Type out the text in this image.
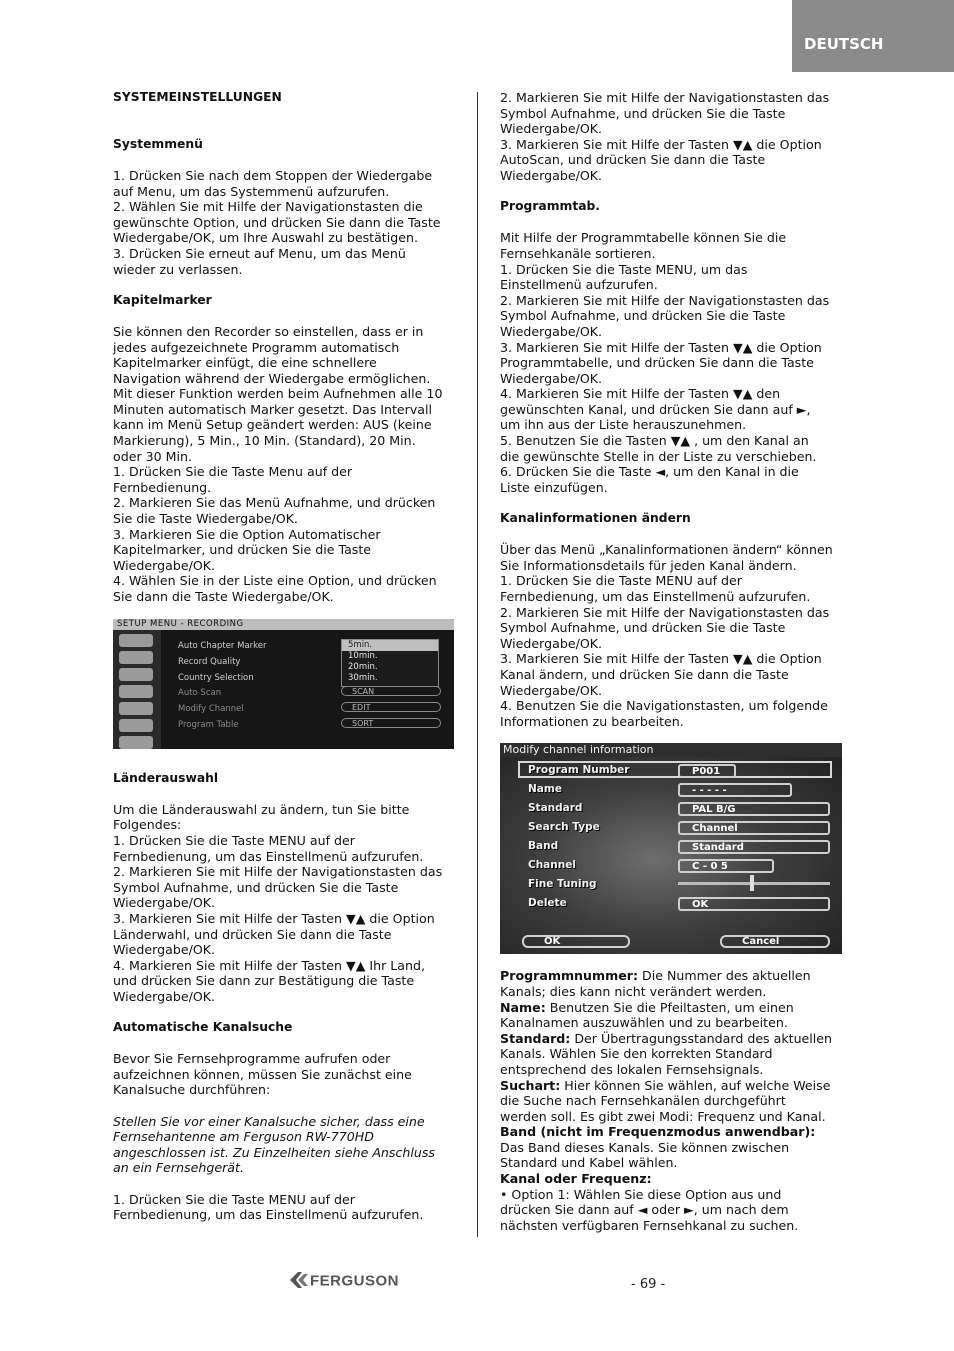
DEUTSCH

SYSTEMEINSTELLUNGEN

Systemmenü

1. Drücken Sie nach dem Stoppen der Wiedergabe
auf Menu, um das Systemmenü aufzurufen.
2. Wählen Sie mit Hilfe der Navigationstasten die
gewünschte Option, und drücken Sie dann die Taste
Wiedergabe/OK, um Ihre Auswahl zu bestätigen.
3. Drücken Sie erneut auf Menu, um das Menü
wieder zu verlassen.

Kapitelmarker

Sie können den Recorder so einstellen, dass er in
jedes aufgezeichnete Programm automatisch
Kapitelmarker einfügt, die eine schnellere
Navigation während der Wiedergabe ermöglichen.
Mit dieser Funktion werden beim Aufnehmen alle 10
Minuten automatisch Marker gesetzt. Das Intervall
kann im Menü Setup geändert werden: AUS (keine
Markierung), 5 Min., 10 Min. (Standard), 20 Min.
oder 30 Min.
1. Drücken Sie die Taste Menu auf der
Fernbedienung.
2. Markieren Sie das Menü Aufnahme, und drücken
Sie die Taste Wiedergabe/OK.
3. Markieren Sie die Option Automatischer
Kapitelmarker, und drücken Sie die Taste
Wiedergabe/OK.
4. Wählen Sie in der Liste eine Option, und drücken
Sie dann die Taste Wiedergabe/OK.

SETUP MENU - RECORDING
Auto Chapter Marker
Record Quality
Country Selection
Auto Scan
Modify Channel
Program Table
5min.
10min.
20min.
30min.
SCAN
EDIT
SORT

Länderauswahl

Um die Länderauswahl zu ändern, tun Sie bitte
Folgendes:
1. Drücken Sie die Taste MENU auf der
Fernbedienung, um das Einstellmenü aufzurufen.
2. Markieren Sie mit Hilfe der Navigationstasten das
Symbol Aufnahme, und drücken Sie die Taste
Wiedergabe/OK.
3. Markieren Sie mit Hilfe der Tasten ▼▲ die Option
Länderwahl, und drücken Sie dann die Taste
Wiedergabe/OK.
4. Markieren Sie mit Hilfe der Tasten ▼▲ Ihr Land,
und drücken Sie dann zur Bestätigung die Taste
Wiedergabe/OK.

Automatische Kanalsuche

Bevor Sie Fernsehprogramme aufrufen oder
aufzeichnen können, müssen Sie zunächst eine
Kanalsuche durchführen:

Stellen Sie vor einer Kanalsuche sicher, dass eine
Fernsehantenne am Ferguson RW-770HD
angeschlossen ist. Zu Einzelheiten siehe Anschluss
an ein Fernsehgerät.

1. Drücken Sie die Taste MENU auf der
Fernbedienung, um das Einstellmenü aufzurufen.

2. Markieren Sie mit Hilfe der Navigationstasten das
Symbol Aufnahme, und drücken Sie die Taste
Wiedergabe/OK.
3. Markieren Sie mit Hilfe der Tasten ▼▲ die Option
AutoScan, und drücken Sie dann die Taste
Wiedergabe/OK.

Programmtab.

Mit Hilfe der Programmtabelle können Sie die
Fernsehkanäle sortieren.
1. Drücken Sie die Taste MENU, um das
Einstellmenü aufzurufen.
2. Markieren Sie mit Hilfe der Navigationstasten das
Symbol Aufnahme, und drücken Sie die Taste
Wiedergabe/OK.
3. Markieren Sie mit Hilfe der Tasten ▼▲ die Option
Programmtabelle, und drücken Sie dann die Taste
Wiedergabe/OK.
4. Markieren Sie mit Hilfe der Tasten ▼▲ den
gewünschten Kanal, und drücken Sie dann auf ►,
um ihn aus der Liste herauszunehmen.
5. Benutzen Sie die Tasten ▼▲ , um den Kanal an
die gewünschte Stelle in der Liste zu verschieben.
6. Drücken Sie die Taste ◄, um den Kanal in die
Liste einzufügen.

Kanalinformationen ändern

Über das Menü „Kanalinformationen ändern“ können
Sie Informationsdetails für jeden Kanal ändern.
1. Drücken Sie die Taste MENU auf der
Fernbedienung, um das Einstellmenü aufzurufen.
2. Markieren Sie mit Hilfe der Navigationstasten das
Symbol Aufnahme, und drücken Sie die Taste
Wiedergabe/OK.
3. Markieren Sie mit Hilfe der Tasten ▼▲ die Option
Kanal ändern, und drücken Sie dann die Taste
Wiedergabe/OK.
4. Benutzen Sie die Navigationstasten, um folgende
Informationen zu bearbeiten.

Modify channel information
Program Number
Name
Standard
Search Type
Band
Channel
Fine Tuning
Delete
P001
- - - - -
PAL B/G
Channel
Standard
C - 0 5
OK
OK	Cancel

Programmnummer: Die Nummer des aktuellen
Kanals; dies kann nicht verändert werden.

Name: Benutzen Sie die Pfeiltasten, um einen
Kanalnamen auszuwählen und zu bearbeiten.

Standard: Der Übertragungsstandard des aktuellen
Kanals. Wählen Sie den korrekten Standard
entsprechend des lokalen Fernsehsignals.

Suchart: Hier können Sie wählen, auf welche Weise
die Suche nach Fernsehkanälen durchgeführt
werden soll. Es gibt zwei Modi: Frequenz und Kanal.

Band (nicht im Frequenzmodus anwendbar):
Das Band dieses Kanals. Sie können zwischen
Standard und Kabel wählen.

Kanal oder Frequenz:
• Option 1: Wählen Sie diese Option aus und
drücken Sie dann auf ◄ oder ►, um nach dem
nächsten verfügbaren Fernsehkanal zu suchen.

FERGUSON	- 69 -
